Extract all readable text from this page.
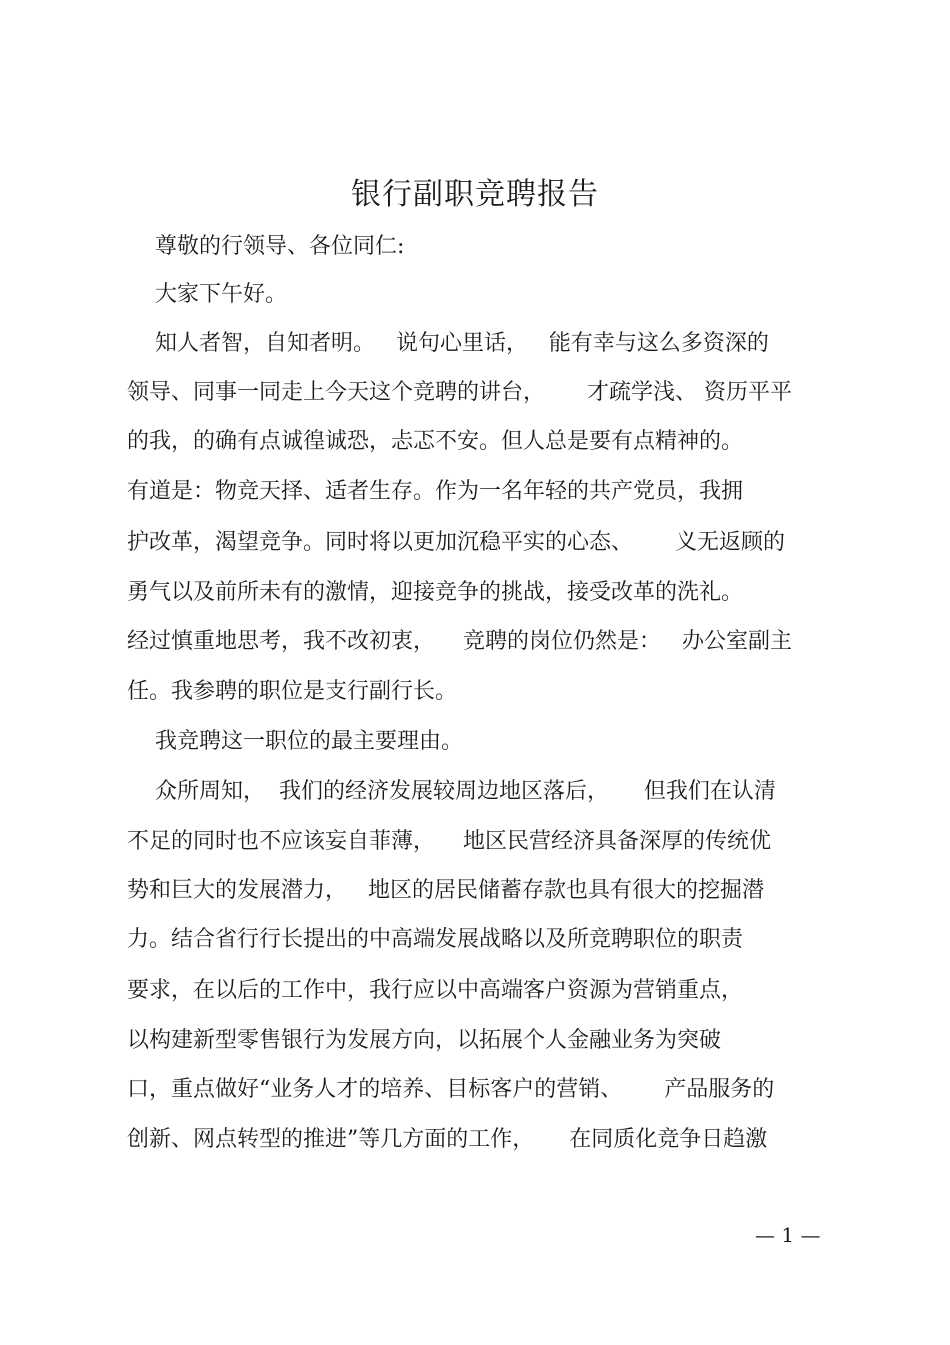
银行副职竞聘报告
尊敬的行领导、各位同仁:
大家下午好。
知人者智，自知者明。   说句心里话，   能有幸与这么多资深的
领导、同事一同走上今天这个竞聘的讲台，      才疏学浅、 资历平平
的我，的确有点诚徨诚恐，忐忑不安。但人总是要有点精神的。
有道是：物竞天择、适者生存。作为一名年轻的共产党员，我拥
护改革，渴望竞争。同时将以更加沉稳平实的心态、      义无返顾的
勇气以及前所未有的激情，迎接竞争的挑战，接受改革的洗礼。
经过慎重地思考，我不改初衷，    竞聘的岗位仍然是：   办公室副主
任。我参聘的职位是支行副行长。
我竞聘这一职位的最主要理由。
众所周知，  我们的经济发展较周边地区落后，     但我们在认清
不足的同时也不应该妄自菲薄，    地区民营经济具备深厚的传统优
势和巨大的发展潜力，   地区的居民储蓄存款也具有很大的挖掘潜
力。结合省行行长提出的中高端发展战略以及所竞聘职位的职责
要求，在以后的工作中，我行应以中高端客户资源为营销重点，
以构建新型零售银行为发展方向，以拓展个人金融业务为突破
口，重点做好“业务人才的培养、目标客户的营销、      产品服务的
创新、网点转型的推进”等几方面的工作，     在同质化竞争日趋激
— 1 —
